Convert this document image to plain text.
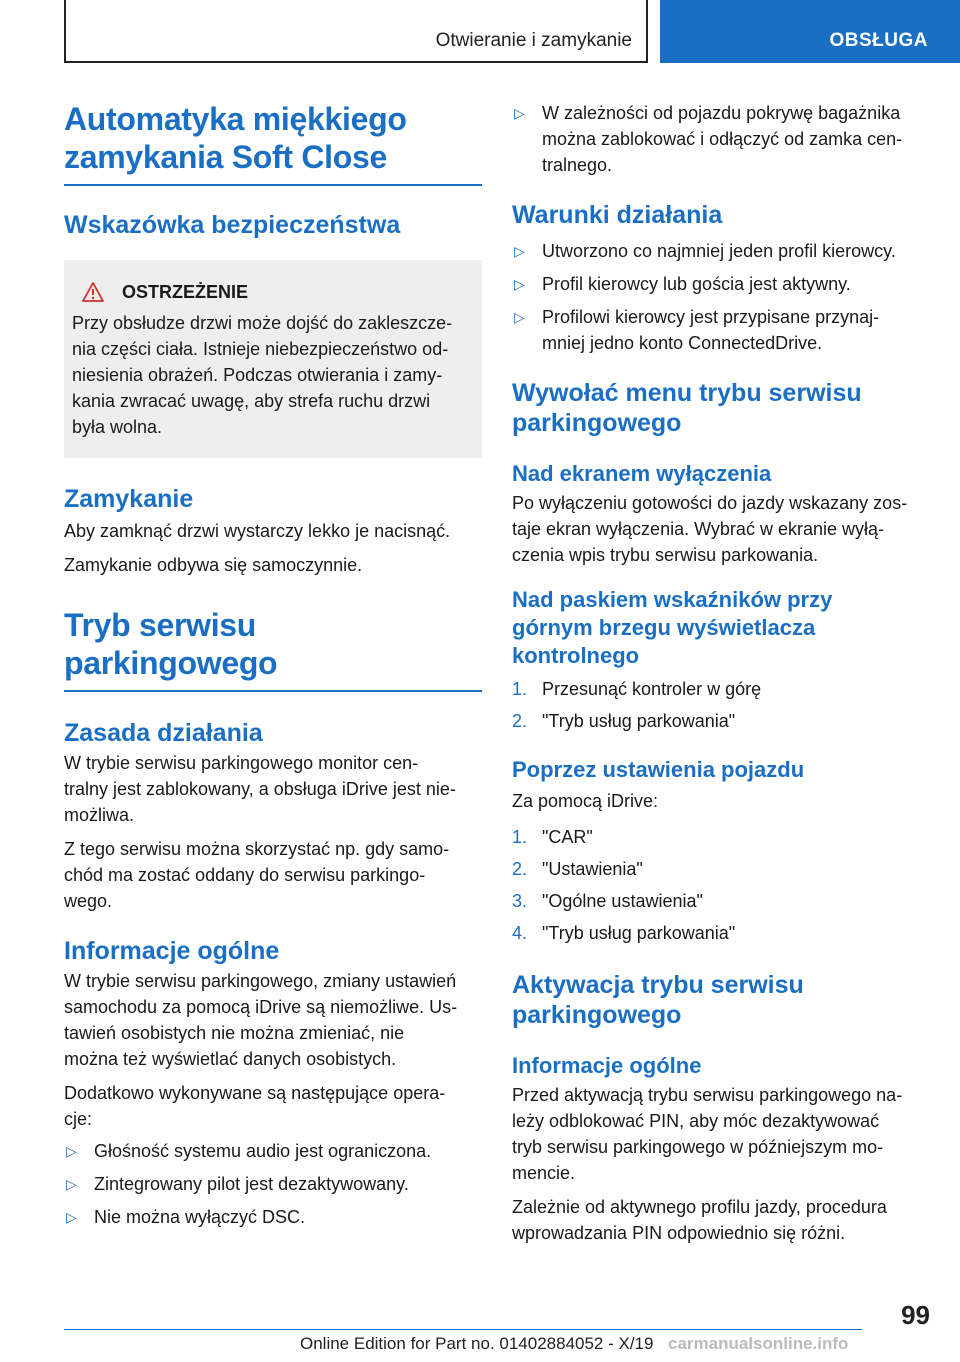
Otwieranie i zamykanie	OBSŁUGA
Automatyka miękkiego
zamykania Soft Close
Wskazówka bezpieczeństwa
OSTRZEŻENIE

Przy obsłudze drzwi może dojść do zakleszcze-
nia części ciała. Istnieje niebezpieczeństwo od-
niesienia obrażeń. Podczas otwierania i zamy-
kania zwracać uwagę, aby strefa ruchu drzwi
była wolna.

Zamykanie

Aby zamknąć drzwi wystarczy lekko je nacisnąć.

Zamykanie odbywa się samoczynnie.

Tryb serwisu
parkingowego
Zasada działania

W trybie serwisu parkingowego monitor cen-
tralny jest zablokowany, a obsługa iDrive jest nie-
możliwa.

Z tego serwisu można skorzystać np. gdy samo-
chód ma zostać oddany do serwisu parkingo-
wego.

Informacje ogólne

W trybie serwisu parkingowego, zmiany ustawień
samochodu za pomocą iDrive są niemożliwe. Us-
tawień osobistych nie można zmieniać, nie
można też wyświetlać danych osobistych.

Dodatkowo wykonywane są następujące opera-
cje:

▷ Głośność systemu audio jest ograniczona.
▷ Zintegrowany pilot jest dezaktywowany.
▷ Nie można wyłączyć DSC.
▷ W zależności od pojazdu pokrywę bagażnika
można zablokować i odłączyć od zamka cen-
tralnego.
Warunki działania
▷ Utworzono co najmniej jeden profil kierowcy.
▷ Profil kierowcy lub gościa jest aktywny.
▷ Profilowi kierowcy jest przypisane przynaj-
mniej jedno konto ConnectedDrive.
Wywołać menu trybu serwisu
parkingowego
Nad ekranem wyłączenia

Po wyłączeniu gotowości do jazdy wskazany zos-
taje ekran wyłączenia. Wybrać w ekranie wyłą-
czenia wpis trybu serwisu parkowania.

Nad paskiem wskaźników przy
górnym brzegu wyświetlacza
kontrolnego
1. Przesunąć kontroler w górę
2. "Tryb usług parkowania"
Poprzez ustawienia pojazdu

Za pomocą iDrive:

1. "CAR"
2. "Ustawienia"
3. "Ogólne ustawienia"
4. "Tryb usług parkowania"
Aktywacja trybu serwisu
parkingowego
Informacje ogólne

Przed aktywacją trybu serwisu parkingowego na-
leży odblokować PIN, aby móc dezaktywować
tryb serwisu parkingowego w późniejszym mo-
mencie.

Zależnie od aktywnego profilu jazdy, procedura
wprowadzania PIN odpowiednio się różni.

99
Online Edition for Part no. 01402884052 - X/19 carmanualsonline.info
